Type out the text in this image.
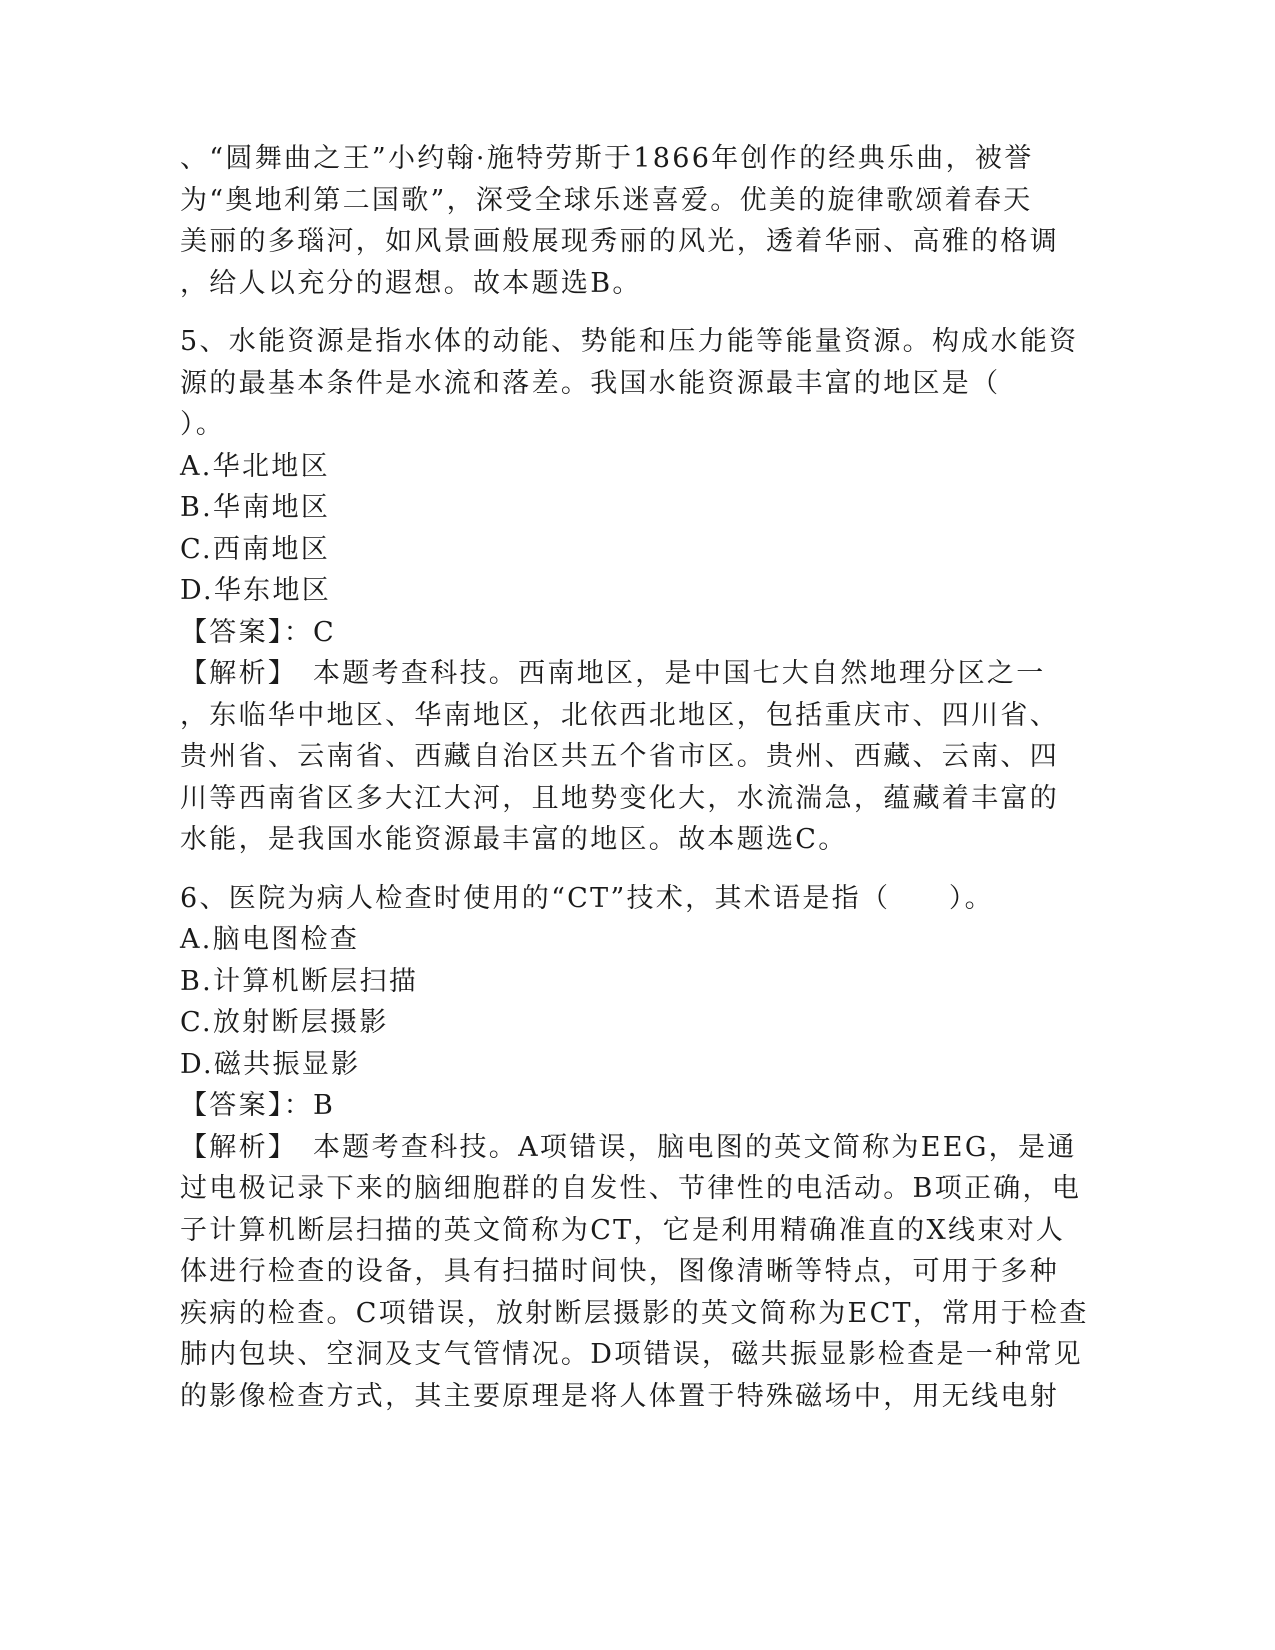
、“圆舞曲之王”小约翰·施特劳斯于1866年创作的经典乐曲，被誉
为“奥地利第二国歌”，深受全球乐迷喜爱。优美的旋律歌颂着春天
美丽的多瑙河，如风景画般展现秀丽的风光，透着华丽、高雅的格调
，给人以充分的遐想。故本题选B。
5、水能资源是指水体的动能、势能和压力能等能量资源。构成水能资
源的最基本条件是水流和落差。我国水能资源最丰富的地区是（
）。
A.华北地区
B.华南地区
C.西南地区
D.华东地区
【答案】：C
【解析】　本题考查科技。西南地区，是中国七大自然地理分区之一
，东临华中地区、华南地区，北依西北地区，包括重庆市、四川省、
贵州省、云南省、西藏自治区共五个省市区。贵州、西藏、云南、四
川等西南省区多大江大河，且地势变化大，水流湍急，蕴藏着丰富的
水能，是我国水能资源最丰富的地区。故本题选C。
6、医院为病人检查时使用的“CT”技术，其术语是指（　　）。
A.脑电图检查
B.计算机断层扫描
C.放射断层摄影
D.磁共振显影
【答案】：B
【解析】　本题考查科技。A项错误，脑电图的英文简称为EEG，是通
过电极记录下来的脑细胞群的自发性、节律性的电活动。B项正确，电
子计算机断层扫描的英文简称为CT，它是利用精确准直的X线束对人
体进行检查的设备，具有扫描时间快，图像清晰等特点，可用于多种
疾病的检查。C项错误，放射断层摄影的英文简称为ECT，常用于检查
肺内包块、空洞及支气管情况。D项错误，磁共振显影检查是一种常见
的影像检查方式，其主要原理是将人体置于特殊磁场中，用无线电射
